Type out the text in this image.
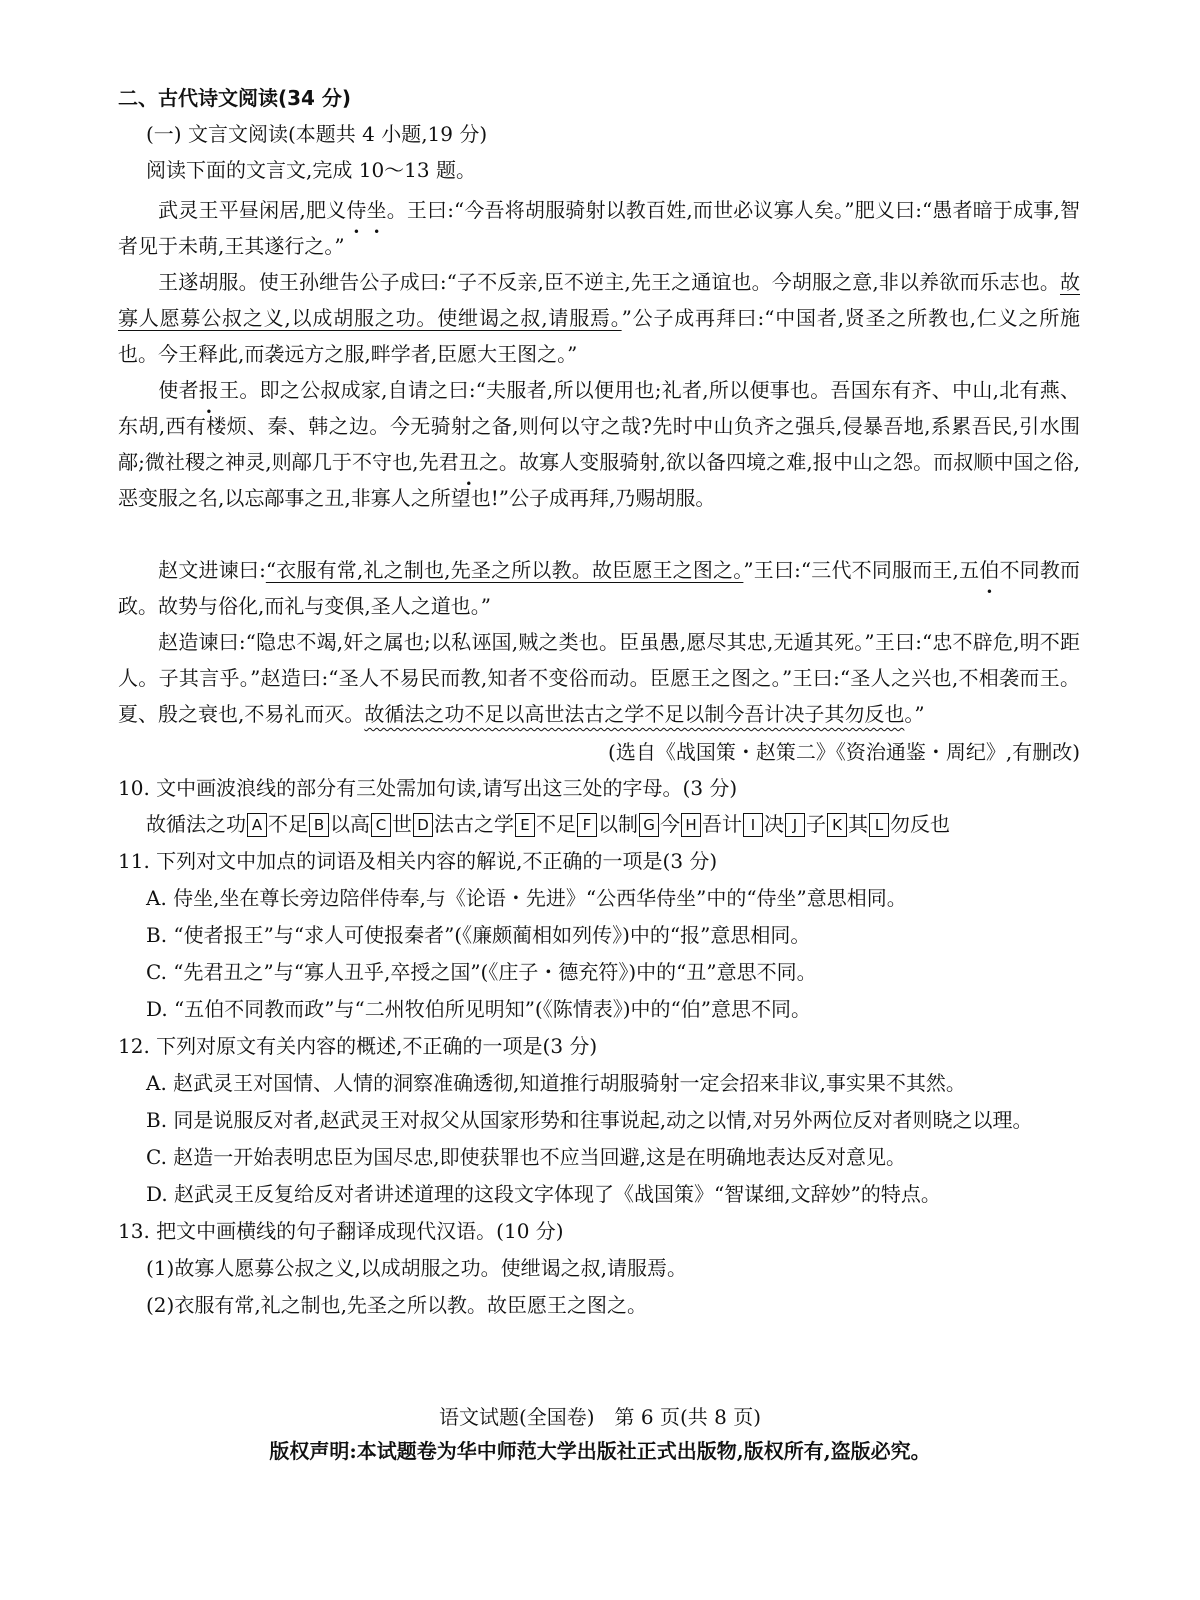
二、古代诗文阅读(34 分)
(一) 文言文阅读(本题共 4 小题,19 分)
阅读下面的文言文,完成 10～13 题。
武灵王平昼闲居,肥义侍坐。王曰:“今吾将胡服骑射以教百姓,而世必议寡人矣。”肥义曰:“愚者暗于成事,智者见于未萌,王其遂行之。”
王遂胡服。使王孙绁告公子成曰:“子不反亲,臣不逆主,先王之通谊也。今胡服之意,非以养欲而乐志也。故寡人愿募公叔之义,以成胡服之功。使绁谒之叔,请服焉。”公子成再拜曰:“中国者,贤圣之所教也,仁义之所施也。今王释此,而袭远方之服,畔学者,臣愿大王图之。”
使者报王。即之公叔成家,自请之曰:“夫服者,所以便用也;礼者,所以便事也。吾国东有齐、中山,北有燕、东胡,西有楼烦、秦、韩之边。今无骑射之备,则何以守之哉?先时中山负齐之强兵,侵暴吾地,系累吾民,引水围鄗;微社稷之神灵,则鄗几于不守也,先君丑之。故寡人变服骑射,欲以备四境之难,报中山之怨。而叔顺中国之俗,恶变服之名,以忘鄗事之丑,非寡人之所望也!”公子成再拜,乃赐胡服。
赵文进谏曰:“衣服有常,礼之制也,先圣之所以教。故臣愿王之图之。”王曰:“三代不同服而王,五伯不同教而政。故势与俗化,而礼与变俱,圣人之道也。”
赵造谏曰:“隐忠不竭,奸之属也;以私诬国,贼之类也。臣虽愚,愿尽其忠,无遁其死。”王曰:“忠不辟危,明不距人。子其言乎。”赵造曰:“圣人不易民而教,知者不变俗而动。臣愿王之图之。”王曰:“圣人之兴也,不相袭而王。夏、殷之衰也,不易礼而灭。故循法之功不足以高世法古之学不足以制今吾计决子其勿反也。”
(选自《战国策・赵策二》《资治通鉴・周纪》,有删改)
10. 文中画波浪线的部分有三处需加句读,请写出这三处的字母。(3 分)
故循法之功 A 不足 B 以高 C 世 D 法古之学 E 不足 F 以制 G 今 H 吾计 I 决 J 子 K 其 L 勿反也
11. 下列对文中加点的词语及相关内容的解说,不正确的一项是(3 分)
A. 侍坐,坐在尊长旁边陪伴侍奉,与《论语・先进》“公西华侍坐”中的“侍坐”意思相同。
B. “使者报王”与“求人可使报秦者”(《廉颇蔺相如列传》)中的“报”意思相同。
C. “先君丑之”与“寡人丑乎,卒授之国”(《庄子・德充符》)中的“丑”意思不同。
D. “五伯不同教而政”与“二州牧伯所见明知”(《陈情表》)中的“伯”意思不同。
12. 下列对原文有关内容的概述,不正确的一项是(3 分)
A. 赵武灵王对国情、人情的洞察准确透彻,知道推行胡服骑射一定会招来非议,事实果不其然。
B. 同是说服反对者,赵武灵王对叔父从国家形势和往事说起,动之以情,对另外两位反对者则晓之以理。
C. 赵造一开始表明忠臣为国尽忠,即使获罪也不应当回避,这是在明确地表达反对意见。
D. 赵武灵王反复给反对者讲述道理的这段文字体现了《战国策》“智谋细,文辞妙”的特点。
13. 把文中画横线的句子翻译成现代汉语。(10 分)
(1)故寡人愿募公叔之义,以成胡服之功。使绁谒之叔,请服焉。
(2)衣服有常,礼之制也,先圣之所以教。故臣愿王之图之。
语文试题(全国卷)　第 6 页(共 8 页)
版权声明:本试题卷为华中师范大学出版社正式出版物,版权所有,盗版必究。
